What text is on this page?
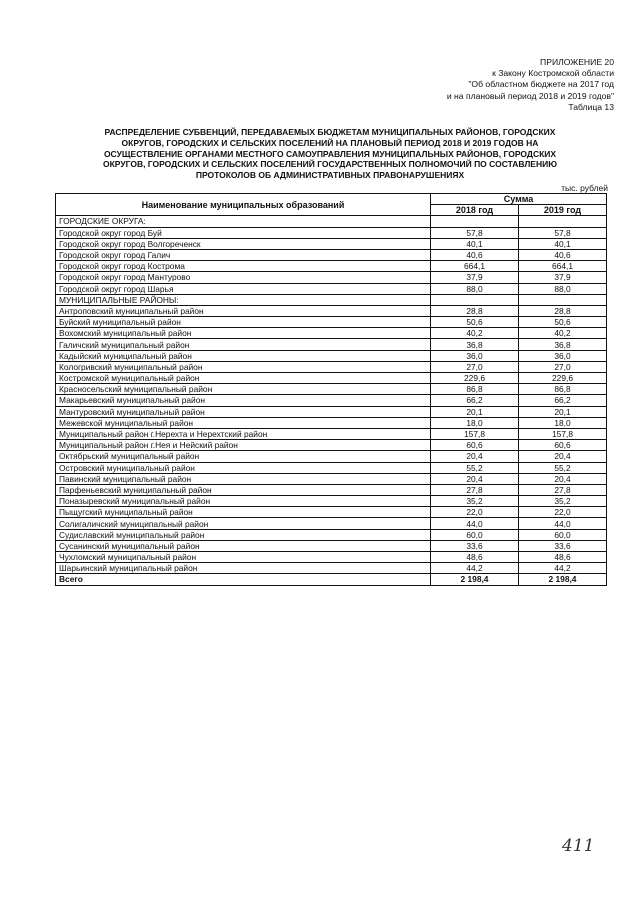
ПРИЛОЖЕНИЕ 20
к Закону Костромской области
"Об областном бюджете на 2017 год
и на плановый период 2018 и 2019 годов"
Таблица 13
РАСПРЕДЕЛЕНИЕ СУБВЕНЦИЙ, ПЕРЕДАВАЕМЫХ БЮДЖЕТАМ МУНИЦИПАЛЬНЫХ РАЙОНОВ, ГОРОДСКИХ
ОКРУГОВ, ГОРОДСКИХ И СЕЛЬСКИХ ПОСЕЛЕНИЙ НА ПЛАНОВЫЙ ПЕРИОД 2018 И 2019 ГОДОВ НА
ОСУЩЕСТВЛЕНИЕ ОРГАНАМИ МЕСТНОГО САМОУПРАВЛЕНИЯ МУНИЦИПАЛЬНЫХ РАЙОНОВ, ГОРОДСКИХ
ОКРУГОВ, ГОРОДСКИХ И СЕЛЬСКИХ ПОСЕЛЕНИЙ ГОСУДАРСТВЕННЫХ ПОЛНОМОЧИЙ ПО СОСТАВЛЕНИЮ
ПРОТОКОЛОВ ОБ АДМИНИСТРАТИВНЫХ ПРАВОНАРУШЕНИЯХ
тыс. рублей
Наименование муниципальных образований	Сумма	
	2018 год	2019 год
ГОРОДСКИЕ ОКРУГА:		
Городской округ город Буй	57,8	57,8
Городской округ город Волгореченск	40,1	40,1
Городской округ город Галич	40,6	40,6
Городской округ город Кострома	664,1	664,1
Городской округ город Мантурово	37,9	37,9
Городской округ город Шарья	88,0	88,0
МУНИЦИПАЛЬНЫЕ РАЙОНЫ:		
Антроповский муниципальный район	28,8	28,8
Буйский муниципальный район	50,6	50,6
Вохомский муниципальный район	40,2	40,2
Галичский муниципальный район	36,8	36,8
Кадыйский муниципальный район	36,0	36,0
Кологривский муниципальный район	27,0	27,0
Костромской муниципальный район	229,6	229,6
Красносельский муниципальный район	86,8	86,8
Макарьевский муниципальный район	66,2	66,2
Мантуровский муниципальный район	20,1	20,1
Межевской муниципальный район	18,0	18,0
Муниципальный район г.Нерехта и Нерехтский район	157,8	157,8
Муниципальный район г.Нея и Нейский район	60,6	60,6
Октябрьский муниципальный район	20,4	20,4
Островский муниципальный район	55,2	55,2
Павинский муниципальный район	20,4	20,4
Парфеньевский муниципальный район	27,8	27,8
Поназыревский муниципальный район	35,2	35,2
Пыщугский муниципальный район	22,0	22,0
Солигаличский муниципальный район	44,0	44,0
Судиславский муниципальный район	60,0	60,0
Сусанинский муниципальный район	33,6	33,6
Чухломский муниципальный район	48,6	48,6
Шарьинский муниципальный район	44,2	44,2
Всего	2 198,4	2 198,4
411
